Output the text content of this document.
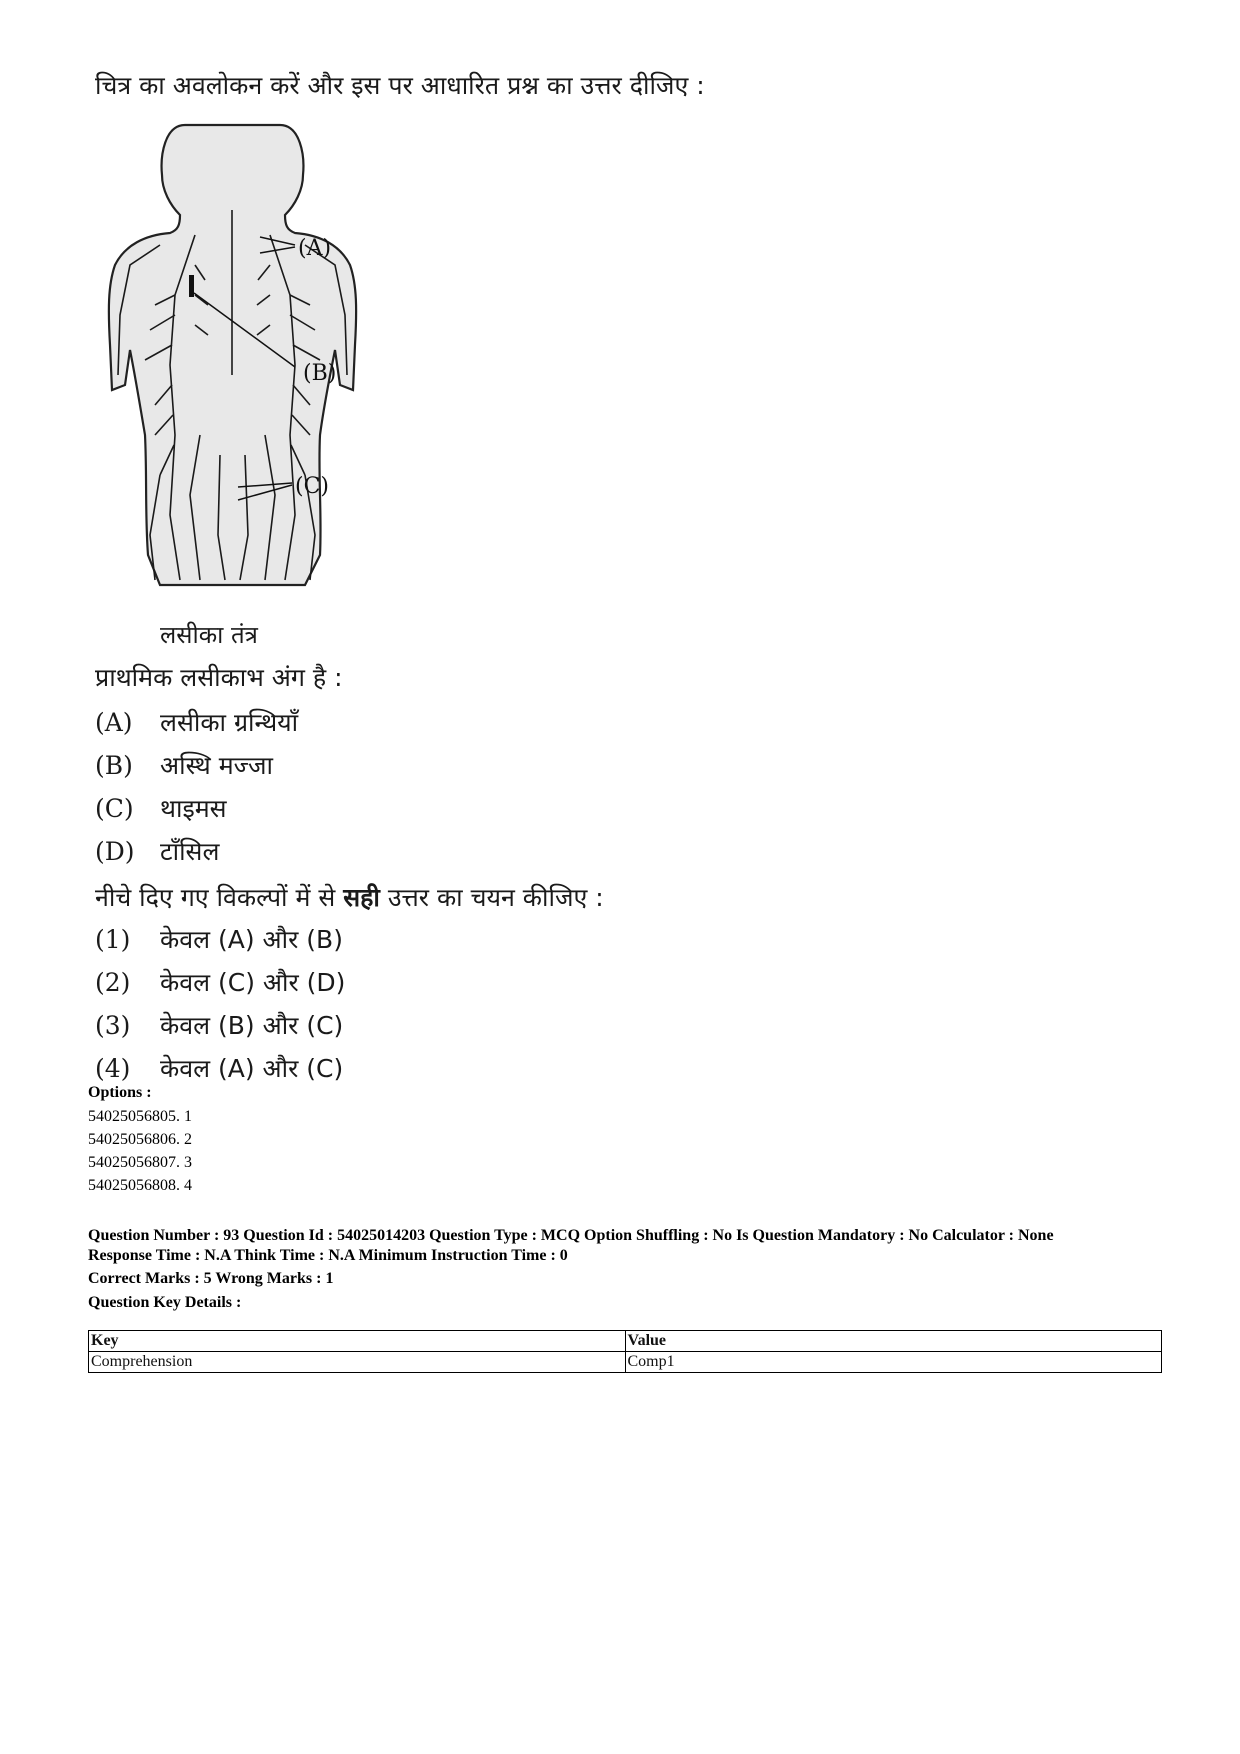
चित्र का अवलोकन करें और इस पर आधारित प्रश्न का उत्तर दीजिए :
(A)
(B)
(C)
लसीका तंत्र
प्राथमिक लसीकाभ अंग है :
(A) लसीका ग्रन्थियाँ
(B) अस्थि मज्जा
(C) थाइमस
(D) टाँसिल
नीचे दिए गए विकल्पों में से सही उत्तर का चयन कीजिए :
(1) केवल (A) और (B)
(2) केवल (C) और (D)
(3) केवल (B) और (C)
(4) केवल (A) और (C)
Options :
54025056805. 1
54025056806. 2
54025056807. 3
54025056808. 4
Question Number : 93 Question Id : 54025014203 Question Type : MCQ Option Shuffling : No Is Question Mandatory : No Calculator : None
Response Time : N.A Think Time : N.A Minimum Instruction Time : 0
Correct Marks : 5 Wrong Marks : 1
Question Key Details :
Key	Value
Comprehension	Comp1
